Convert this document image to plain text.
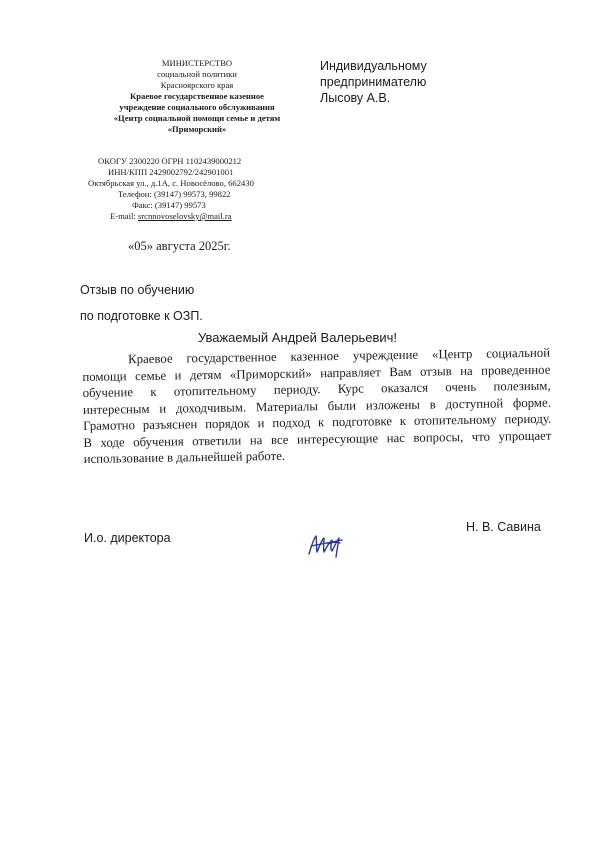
МИНИСТЕРСТВО
социальной политики
Красноярского края
Краевое государственное казенное
учреждение социального обслуживания
«Центр социальной помощи семье и детям
«Приморский»
ОКОГУ 2300220 ОГРН 1102439000212
ИНН/КПП 2429002792/242901001
Октябрьская ул., д.1А, с. Новосёлово, 662430
Телефон: (39147) 99573, 99822
Факс: (39147) 99573
E-mail: srcnnovoselovsky@mail.ra
«05» августа 2025г.
Индивидуальному
предпринимателю
Лысову А.В.
Отзыв по обучению
по подготовке к ОЗП.
Уважаемый Андрей Валерьевич!
Краевое государственное казенное учреждение «Центр социальной
помощи семье и детям «Приморский» направляет Вам отзыв на проведенное
обучение к отопительному периоду. Курс оказался очень полезным,
интересным и доходчивым. Материалы были изложены в доступной форме.
Грамотно разъяснен порядок и подход к подготовке к отопительному периоду.
В ходе обучения ответили на все интересующие нас вопросы, что упрощает
использование в дальнейшей работе.
И.о. директора
Н. В. Савина
